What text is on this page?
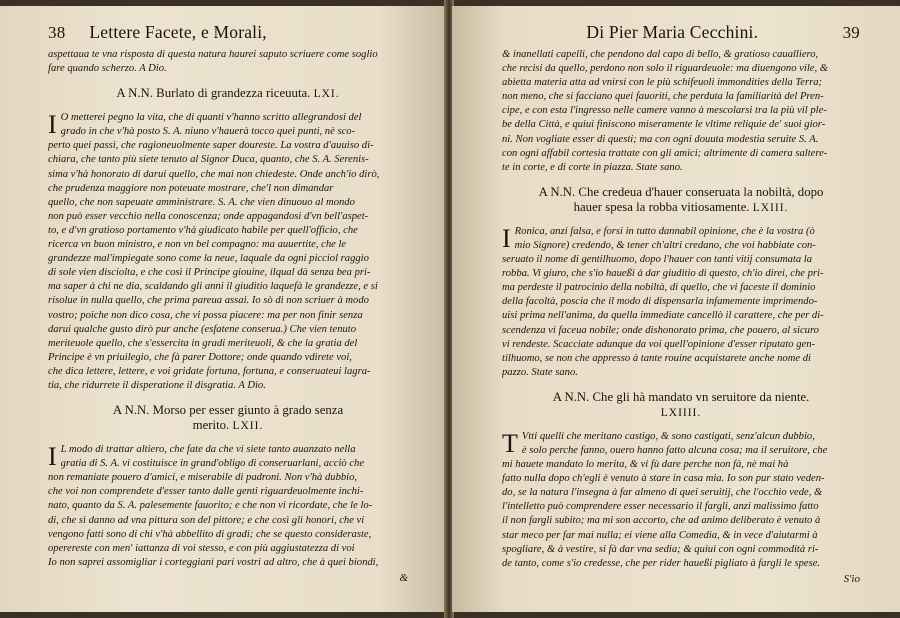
38 Lettere Facete, e Morali,
aspettaua te vna risposta di questa natura haurei saputo scriuere come soglio
fare quando scherzo. A Dio.
A N.N. Burlato di grandezza riceuuta. LXI.
I O metterei pegno la vita, che di quanti v'hanno scritto allegrandosi del
grado in che v'hà posto S. A. niuno v'hauerà tocco quei punti, nè sco-
perto quei passi, che ragioneuolmente saper doureste. La vostra d'auuiso di-
chiara, che tanto più siete tenuto al Signor Duca, quanto, che S. A. Serenis-
sima v'hà honorato di darui quello, che mai non chiedeste. Onde anch'io dirò,
che prudenza maggiore non poteuate mostrare, che'l non dimandar
quello, che non sapeuate amministrare. S. A. che vien dinuouo al mondo
non può esser vecchio nella conoscenza; onde appagandosi d'vn bell'aspet-
to, e d'vn gratioso portamento v'hà giudicato habile per quell'officio, che
ricerca vn buon ministro, e non vn bel compagno: ma auuertite, che le
grandezze mal'impiegate sono come la neue, laquale da ogni picciol raggio
di sole vien disciolta, e che così il Principe giouine, ilqual dà senza bea pri-
ma saper à chi ne dia, scaldando gli anni il giuditio laquefà le grandezze, e si
risolue in nulla quello, che prima pareua assai. Io sò di non scriuer à modo
vostro; poiche non dico cosa, che vi possa piacere: ma per non finir senza
darui qualche gusto dirò pur anche (esfatene conserua.) Che vien tenuto
meriteuole quello, che s'essercita in gradi meriteuoli, & che la gratia del
Principe è vn priuilegio, che fà parer Dottore; onde quando vdirete voi,
che dica lettere, lettere, e voi gridate fortuna, fortuna, e conseruateui lagra-
tia, che ridurrete il disperatione il disgratia. A Dio.
A N.N. Morso per esser giunto à grado senza
merito. LXII.
I L modo di trattar altiero, che fate da che vi siete tanto auanzato nella
gratia di S. A. vi costituisce in grand'obligo di conseruarlani, acciò che
non remaniate pouero d'amici, e miserabile di padroni. Non v'hà dubbio,
che voi non comprendete d'esser tanto dalle genti riguardeuolmente inchi-
nato, quanto da S. A. palesemente fauorito; e che non vi ricordate, che le lo-
di, che sì danno ad vna pittura son del pittore; e che così gli honori, che vi
vengono fatti sono di chi v'hà abbellito di gradi; che se questo consideraste,
operereste con men' iattanza di voi stesso, e con più aggiustatezza di voi
Io non saprei assomigliar i corteggiani pari vostri ad altro, che à quei biondi,
&
Di Pier Maria Cecchini.	39
& inanellati capelli, che pendono dal capo di bello, & gratioso caualliero,
che recisi da quello, perdono non solo il riguardeuole: ma diuengono vile, &
abietta materia atta ad vnirsi con le più schifeuoli immondities della Terra;
non meno, che si facciano quei fauoriti, che perduta la familiarità del Pren-
cipe, e con esta l'ingresso nelle camere vanno à mescolarsi tra la più vil ple-
be della Città, e quiui finiscono miseramente le vltime reliquie de' suoi gior-
ni. Non vogliate esser di questi; ma con ogni douuta modestia seruite S. A.
con ogni affabil cortesia trattate con gli amici; altrimente di camera saltere-
te in corte, e di corte in piazza. State sano.
A N.N. Che credeua d'hauer conseruata la nobiltà, dopo
hauer spesa la robba vitiosamente. LXIII.
I Ronica, anzi falsa, e forsi in tutto dannabil opinione, che è la vostra (ò
mio Signore) credendo, & tener ch'altri credano, che voi habbiate con-
seruato il nome di gentilhuomo, dopo l'hauer con tanti vitij consumata la
robba. Vi giuro, che s'io haueßi à dar giuditio di questo, ch'io direi, che pri-
ma perdeste il patrocinio della nobiltà, di quello, che vi faceste il dominio
della facoltà, poscia che il modo di dispensarla infamemente imprimendo-
uisi prima nell'anima, da quella immediate cancellò il carattere, che per di-
scendenza vi faceua nobile; onde dishonorato prima, che pouero, al sicuro
vi rendeste. Scacciate adunque da voi quell'opinione d'esser riputato gen-
tilhuomo, se non che appresso à tante rouine acquistarete anche nome di
pazzo. State sano.
A N.N. Che gli hà mandato vn seruitore da niente.
LXIIII.
T Vtti quelli che meritano castigo, & sono castigati, senz'alcun dubbio,
è solo perche fanno, ouero hanno fatto alcuna cosa; ma il seruitore, che
mi hauete mandato lo merita, & vi fù dare perche non fà, nè mai hà
fatto nulla dopo ch'egli è venuto à stare in casa mia. Io son pur stato veden-
do, se la natura l'insegna à far almeno di quei seruitij, che l'occhio vede, &
l'intelletto può comprendere esser necessario il fargli, anzi malissimo fatto
il non fargli subito; ma mi son accorto, che ad animo deliberato è venuto à
star meco per far mai nulla; ei viene alla Comedia, & in vece d'aiutarmi à
spogliare, & à vestire, si fà dar vna sedia; & quiui con ogni commodità ri-
de tanto, come s'io credesse, che per rider haueßi pigliato à fargli le spese.
S'io
